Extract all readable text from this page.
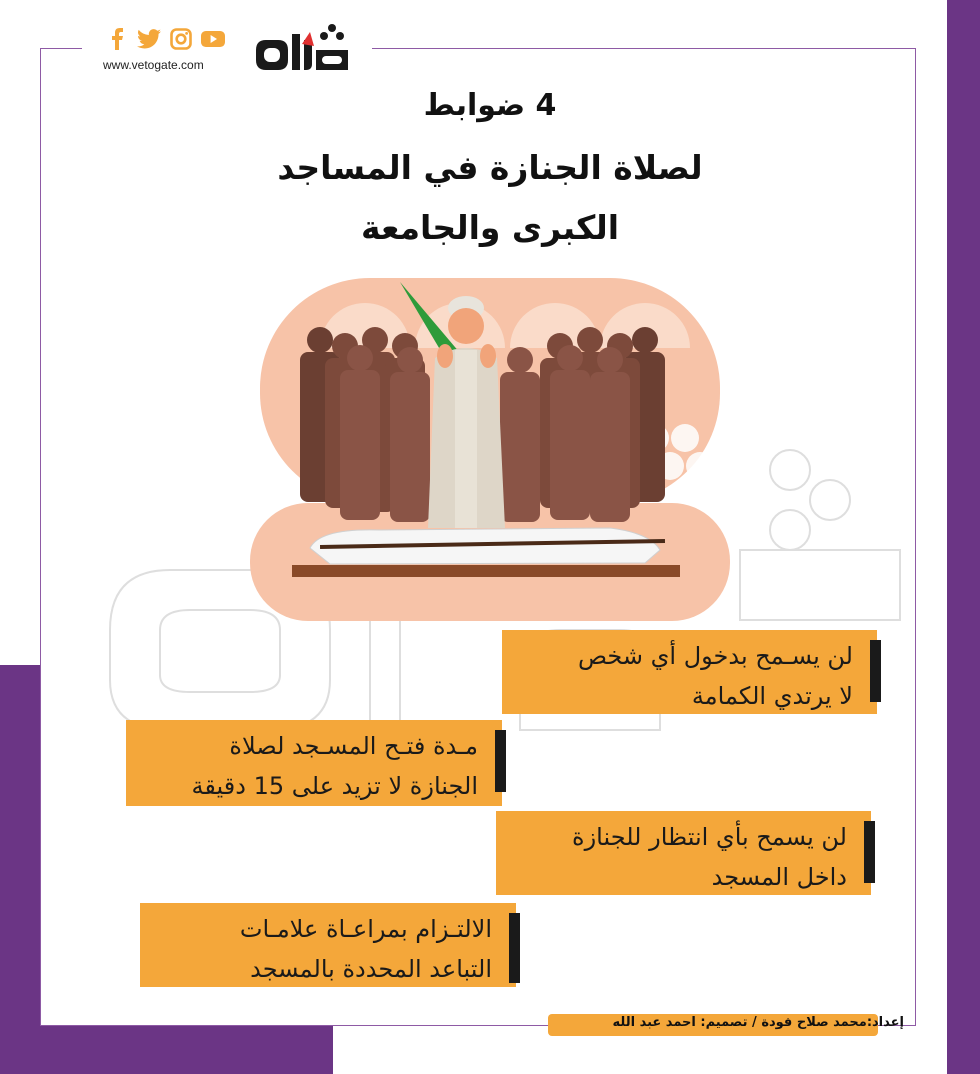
www.vetogate.com
4 ضوابط
لصلاة الجنازة في المساجد
الكبرى والجامعة
لن يسـمح بدخول أي شخص
لا يرتدي الكمامة
مـدة فتـح المسـجد لصلاة
الجنازة لا تزيد على 15 دقيقة
لن يسمح بأي انتظار للجنازة
داخل المسجد
الالتـزام بمراعـاة علامـات
التباعد المحددة بالمسجد
إعداد:محمد صلاح فودة / تصميم: احمد عبد الله
